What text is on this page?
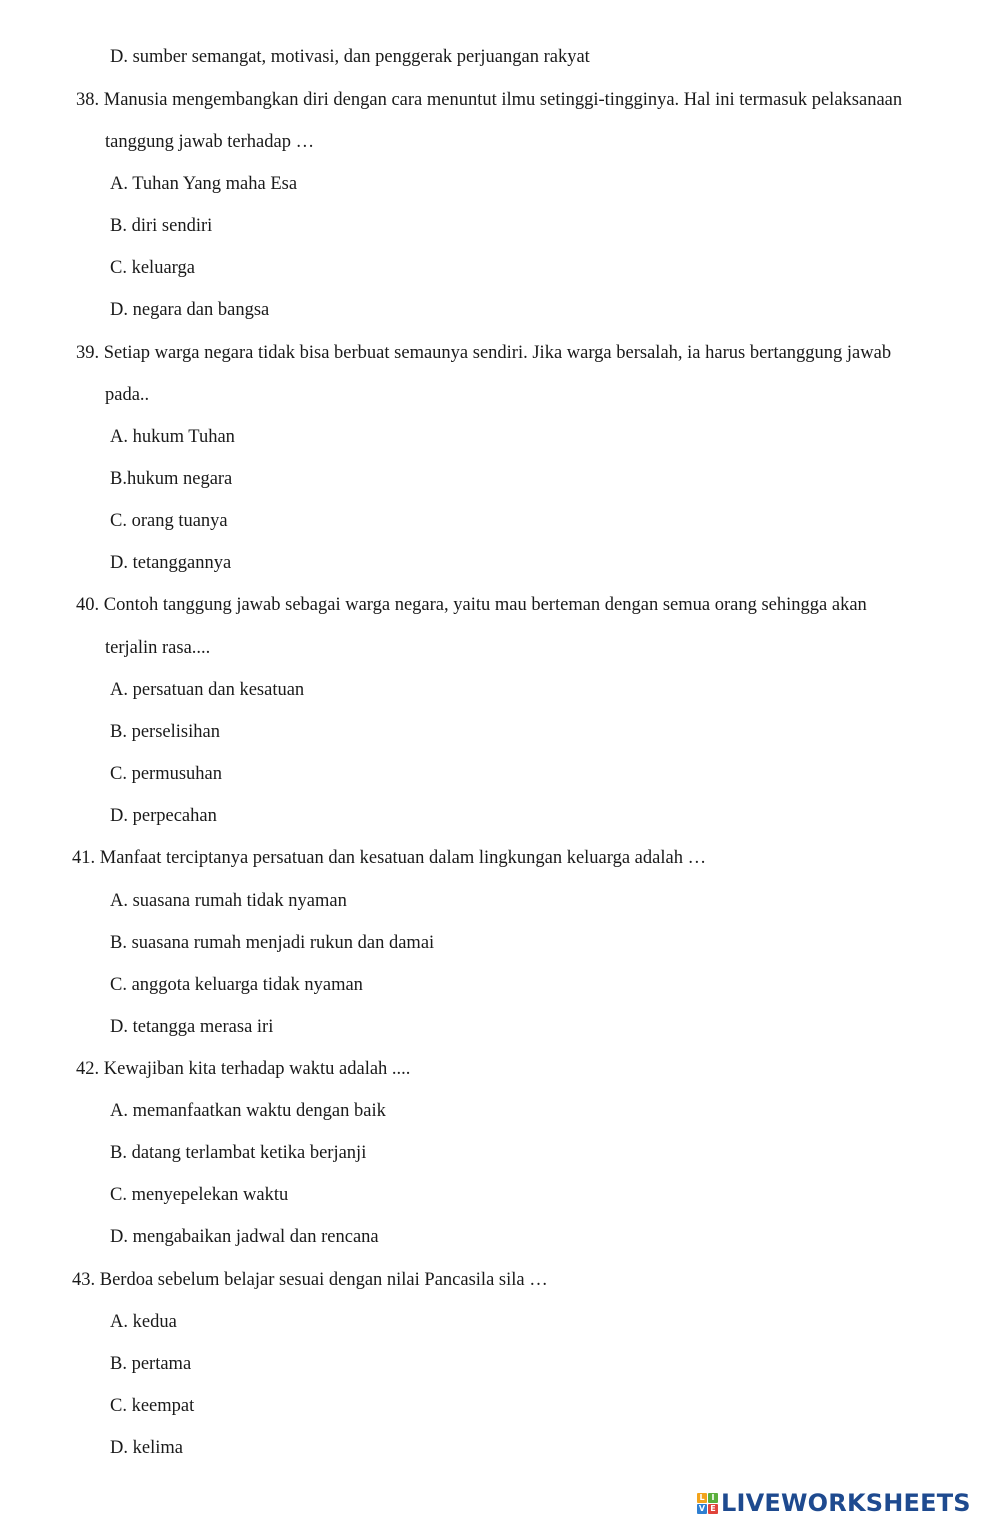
D. sumber semangat, motivasi, dan penggerak perjuangan rakyat
38. Manusia mengembangkan diri dengan cara menuntut ilmu setinggi-tingginya. Hal ini termasuk pelaksanaan
tanggung jawab terhadap …
A. Tuhan Yang maha Esa
B. diri sendiri
C. keluarga
D. negara dan bangsa
39. Setiap warga negara tidak bisa berbuat semaunya sendiri. Jika warga bersalah, ia harus bertanggung jawab
pada..
A. hukum Tuhan
B.hukum negara
C. orang tuanya
D. tetanggannya
40. Contoh tanggung jawab sebagai warga negara, yaitu mau berteman dengan semua orang sehingga akan
terjalin rasa....
A. persatuan dan kesatuan
B. perselisihan
C. permusuhan
D. perpecahan
41. Manfaat terciptanya persatuan dan kesatuan dalam lingkungan keluarga adalah …
A. suasana rumah tidak nyaman
B. suasana rumah menjadi rukun dan damai
C. anggota keluarga tidak nyaman
D. tetangga merasa iri
42. Kewajiban kita terhadap waktu adalah ....
A. memanfaatkan waktu dengan baik
B. datang terlambat ketika berjanji
C. menyepelekan waktu
D. mengabaikan jadwal dan rencana
43. Berdoa sebelum belajar sesuai dengan nilai Pancasila sila …
A. kedua
B. pertama
C. keempat
D. kelima
L I
V E LIVEWORKSHEETS
